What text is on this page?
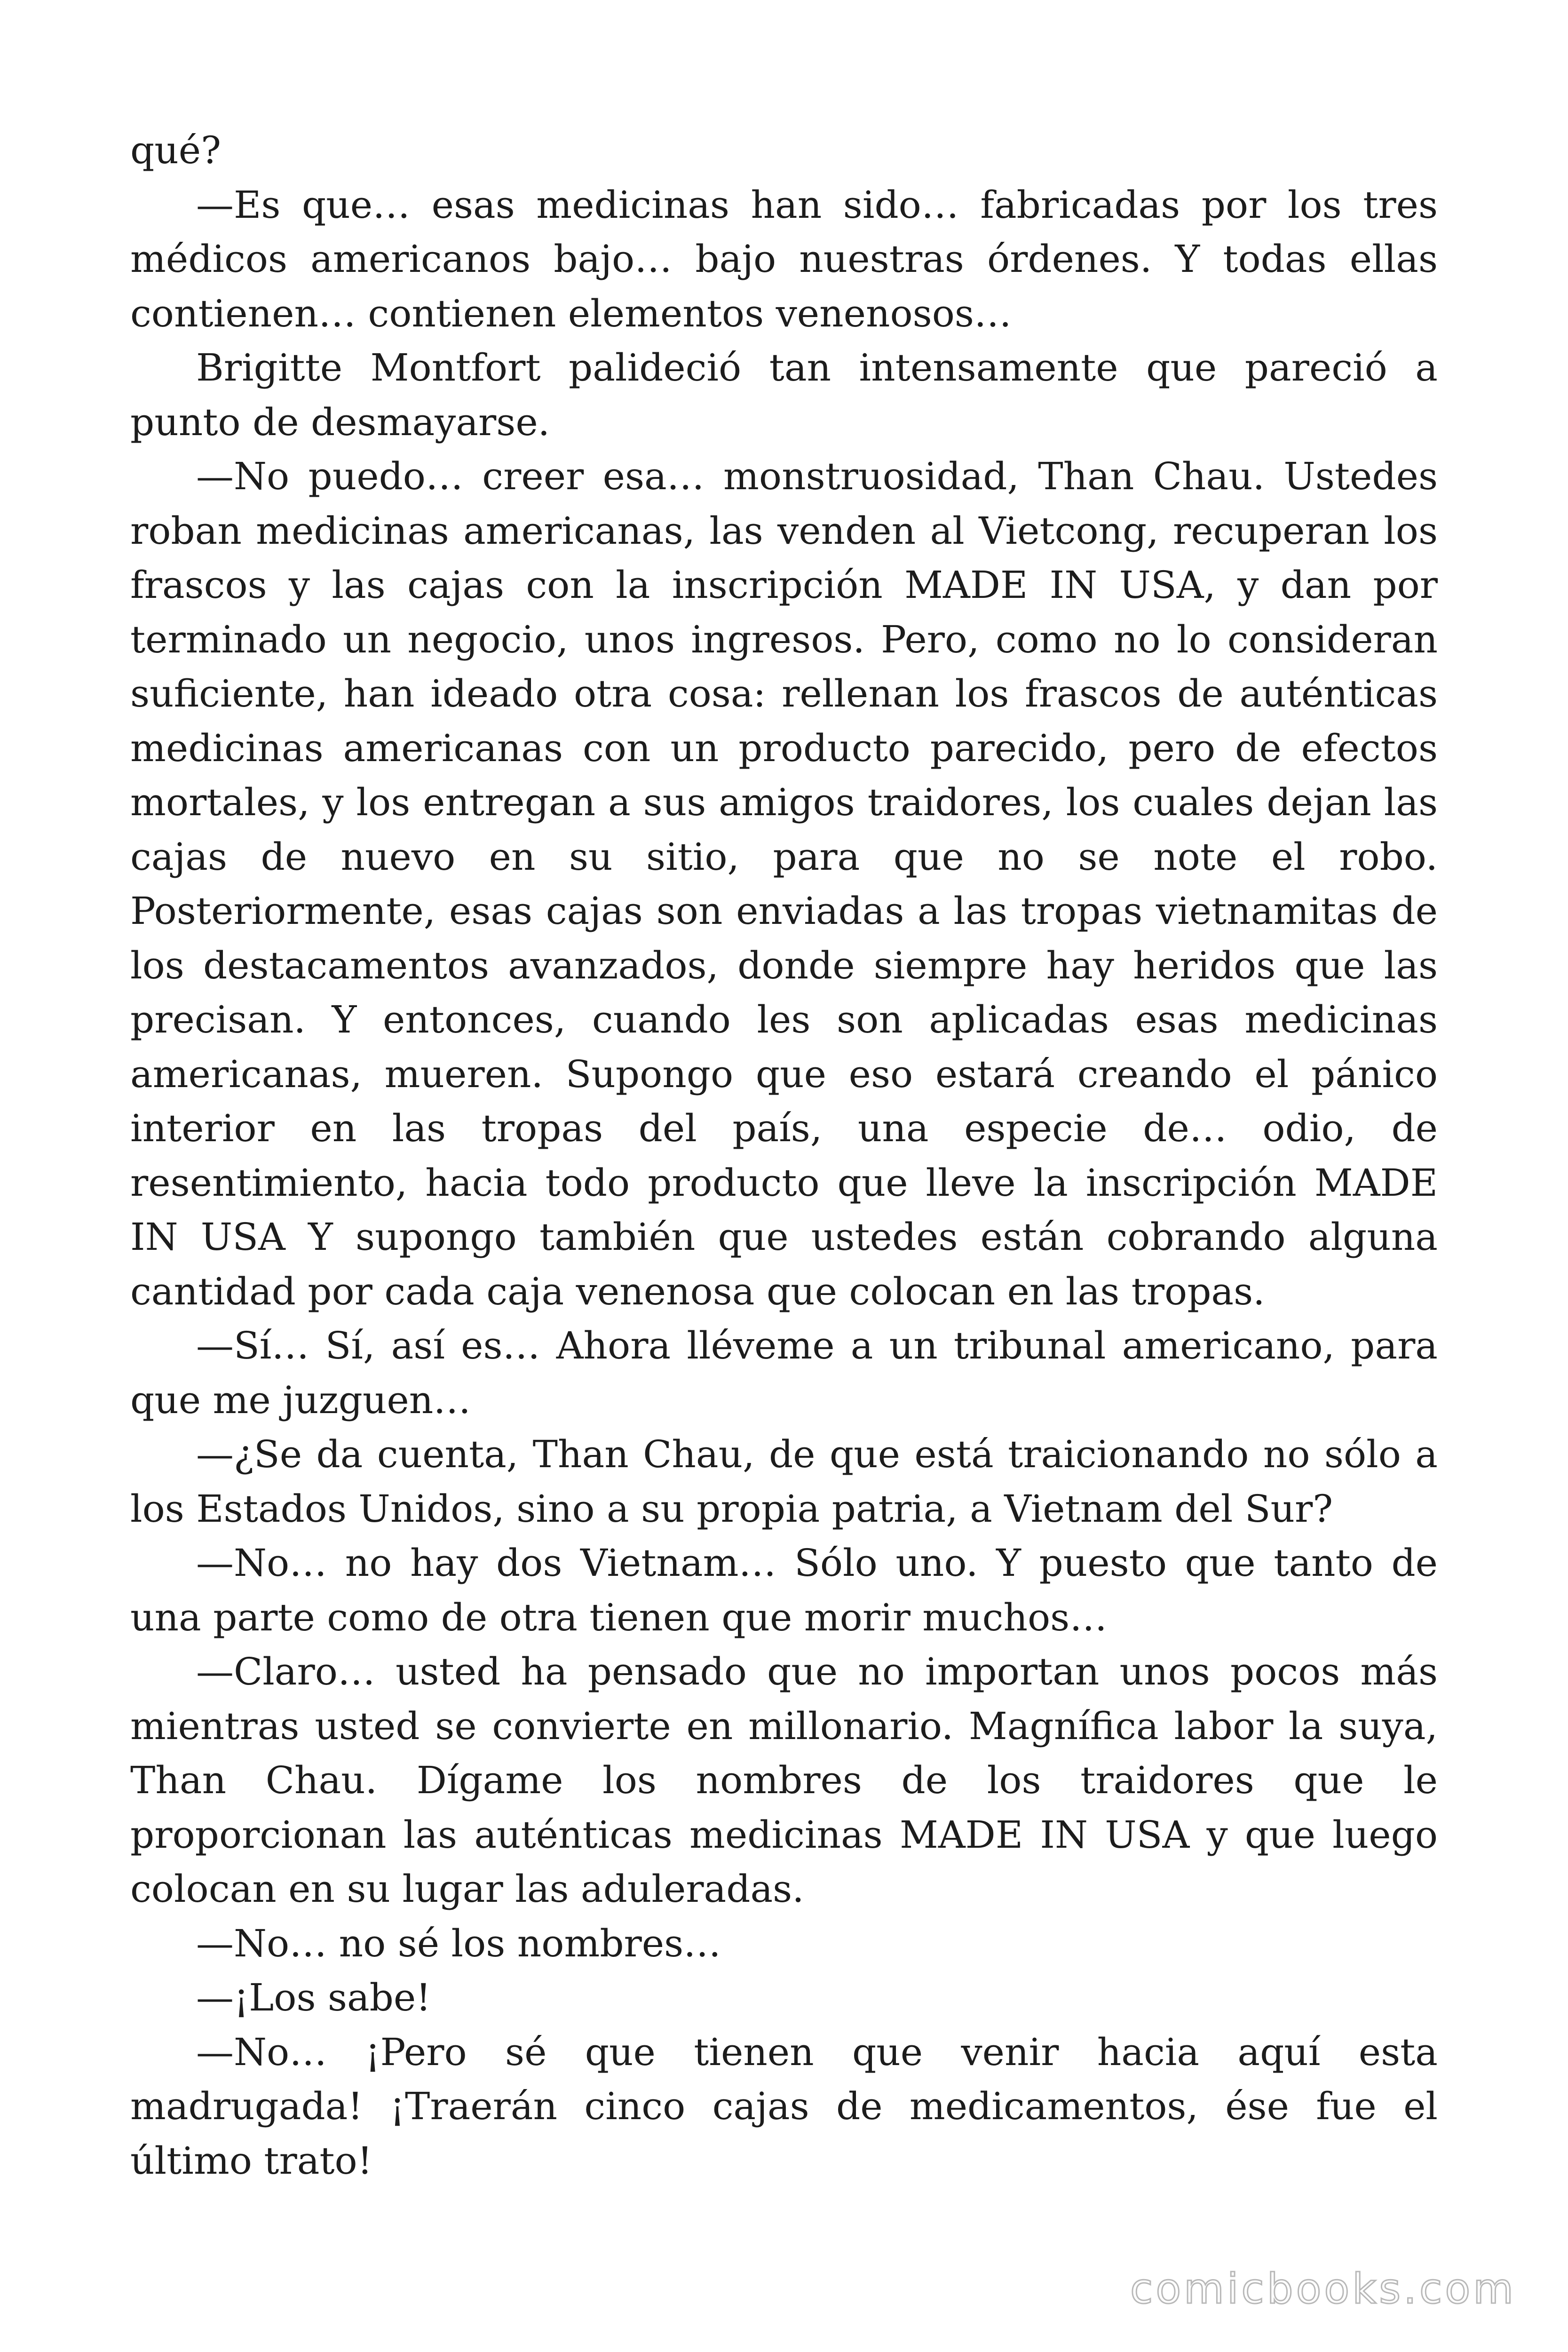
qué?

—Es que… esas medicinas han sido… fabricadas por los tres médicos americanos bajo… bajo nuestras órdenes. Y todas ellas contienen… contienen elementos venenosos…

Brigitte Montfort palideció tan intensamente que pareció a punto de desmayarse.

—No puedo… creer esa… monstruosidad, Than Chau. Ustedes roban medicinas americanas, las venden al Vietcong, recuperan los frascos y las cajas con la inscripción MADE IN USA, y dan por terminado un negocio, unos ingresos. Pero, como no lo consideran suficiente, han ideado otra cosa: rellenan los frascos de auténticas medicinas americanas con un producto parecido, pero de efectos mortales, y los entregan a sus amigos traidores, los cuales dejan las cajas de nuevo en su sitio, para que no se note el robo. Posteriormente, esas cajas son enviadas a las tropas vietnamitas de los destacamentos avanzados, donde siempre hay heridos que las precisan. Y entonces, cuando les son aplicadas esas medicinas americanas, mueren. Supongo que eso estará creando el pánico interior en las tropas del país, una especie de… odio, de resentimiento, hacia todo producto que lleve la inscripción MADE IN USA Y supongo también que ustedes están cobrando alguna cantidad por cada caja venenosa que colocan en las tropas.

—Sí… Sí, así es… Ahora lléveme a un tribunal americano, para que me juzguen…

—¿Se da cuenta, Than Chau, de que está traicionando no sólo a los Estados Unidos, sino a su propia patria, a Vietnam del Sur?

—No… no hay dos Vietnam… Sólo uno. Y puesto que tanto de una parte como de otra tienen que morir muchos…

—Claro… usted ha pensado que no importan unos pocos más mientras usted se convierte en millonario. Magnífica labor la suya, Than Chau. Dígame los nombres de los traidores que le proporcionan las auténticas medicinas MADE IN USA y que luego colocan en su lugar las aduleradas.

—No… no sé los nombres…

—¡Los sabe!

—No… ¡Pero sé que tienen que venir hacia aquí esta madrugada! ¡Traerán cinco cajas de medicamentos, ése fue el último trato!

comicbooks.com
